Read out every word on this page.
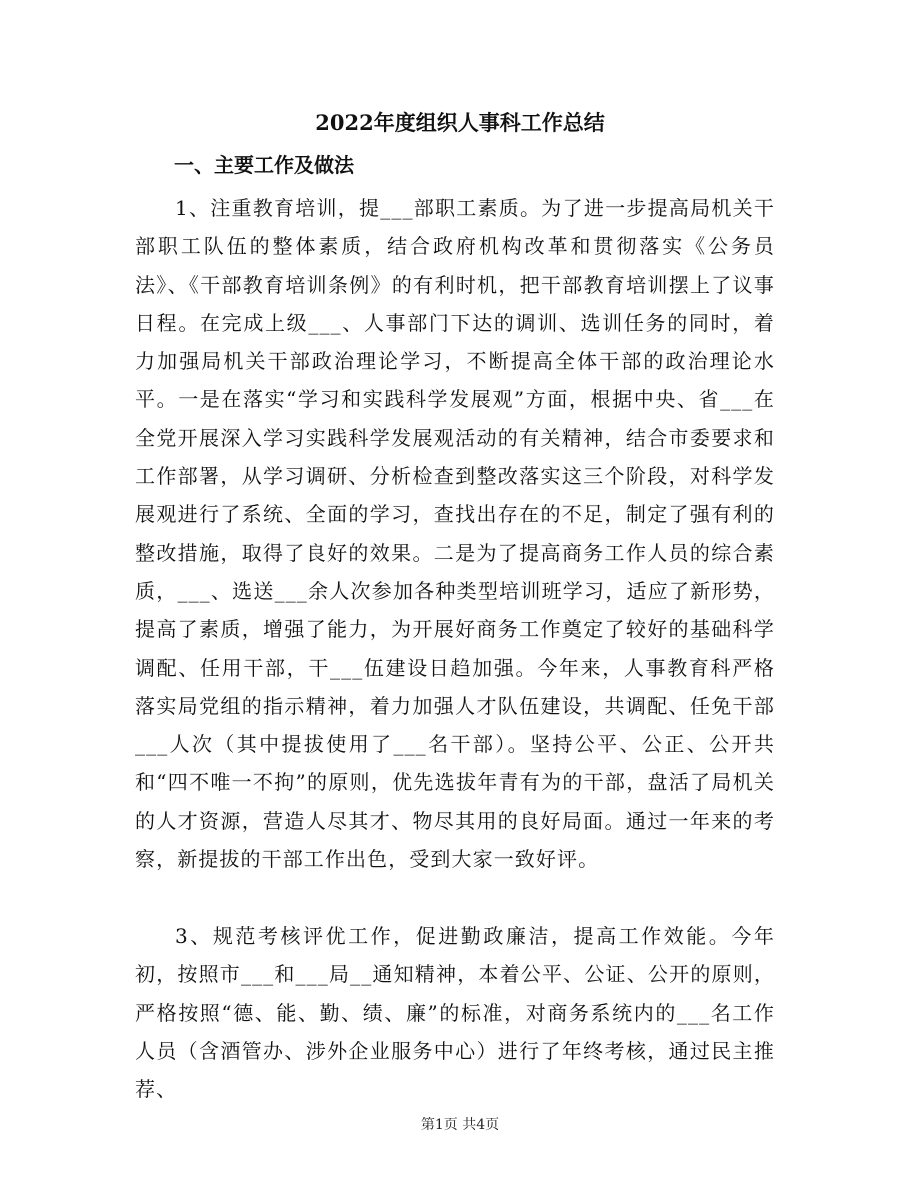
2022年度组织人事科工作总结
一、主要工作及做法

1、注重教育培训，提___部职工素质。为了进一步提高局机关干部职工队伍的整体素质，结合政府机构改革和贯彻落实《公务员法》、《干部教育培训条例》的有利时机，把干部教育培训摆上了议事日程。在完成上级___、人事部门下达的调训、选训任务的同时，着力加强局机关干部政治理论学习，不断提高全体干部的政治理论水平。一是在落实“学习和实践科学发展观”方面，根据中央、省___在全党开展深入学习实践科学发展观活动的有关精神，结合市委要求和工作部署，从学习调研、分析检查到整改落实这三个阶段，对科学发展观进行了系统、全面的学习，查找出存在的不足，制定了强有利的整改措施，取得了良好的效果。二是为了提高商务工作人员的综合素质，___、选送___余人次参加各种类型培训班学习，适应了新形势，提高了素质，增强了能力，为开展好商务工作奠定了较好的基础科学调配、任用干部，干___伍建设日趋加强。今年来，人事教育科严格落实局党组的指示精神，着力加强人才队伍建设，共调配、任免干部___人次（其中提拔使用了___名干部）。坚持公平、公正、公开共和“四不唯一不拘”的原则，优先选拔年青有为的干部，盘活了局机关的人才资源，营造人尽其才、物尽其用的良好局面。通过一年来的考察，新提拔的干部工作出色，受到大家一致好评。

3、规范考核评优工作，促进勤政廉洁，提高工作效能。今年初，按照市___和___局__通知精神，本着公平、公证、公开的原则，严格按照“德、能、勤、绩、廉”的标准，对商务系统内的___名工作人员（含酒管办、涉外企业服务中心）进行了年终考核，通过民主推荐、

第1页 共4页
